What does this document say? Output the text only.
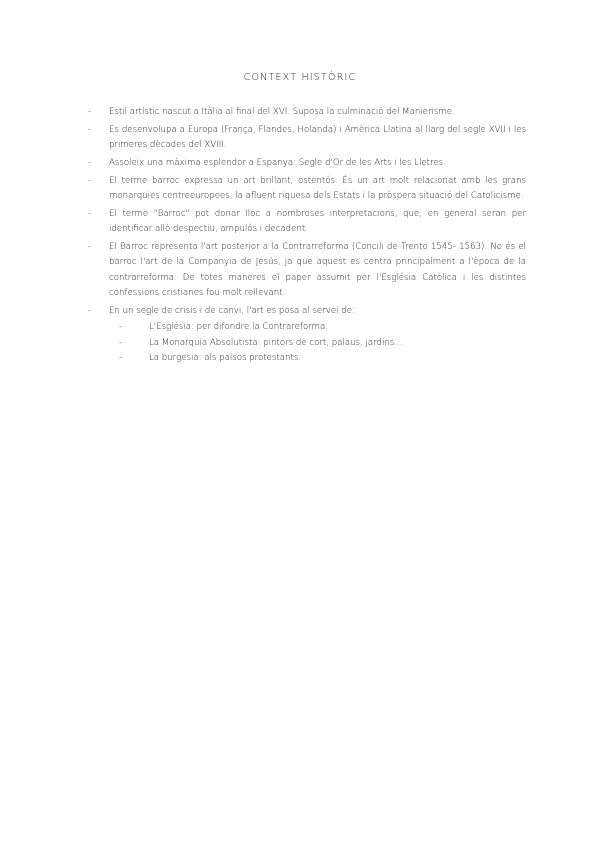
CONTEXT HISTÒRIC
- Estil artístic nascut a Itàlia al final del XVI. Suposa la culminació del Manierisme.
- Es desenvolupa a Europa (França, Flandes, Holanda) i Amèrica Llatina al llarg del segle XVII i les primeres dècades del XVIII.
- Assoleix una màxima esplendor a Espanya: Segle d'Or de les Arts i les Lletres.
- El terme barroc expressa un art brillant, ostentós. És un art molt relacionat amb les grans monarquies centreeuropees, la afluent riquesa dels Estats i la pròspera situació del Catolicisme.
- El terme "Barroc" pot donar lloc a nombroses interpretacions, que, en general seran per identificar allò despectiu, ampulós i decadent.
- El Barroc representa l'art posterior a la Contrarreforma (Concili de Trento 1545- 1563). No és el barroc l'art de la Companyia de Jesús, ja que aquest es centra principalment a l'època de la contrarreforma. De totes maneres el paper assumit per l'Església Catòlica i les distintes confessions cristianes fou molt rellevant.
- En un segle de crisis i de canvi, l'art es posa al servei de:
-	L'Església: per difondre la Contrareforma.
-	La Monarquia Absolutista: pintors de cort, palaus, jardins…
-	La burgesia: als països protestants.
